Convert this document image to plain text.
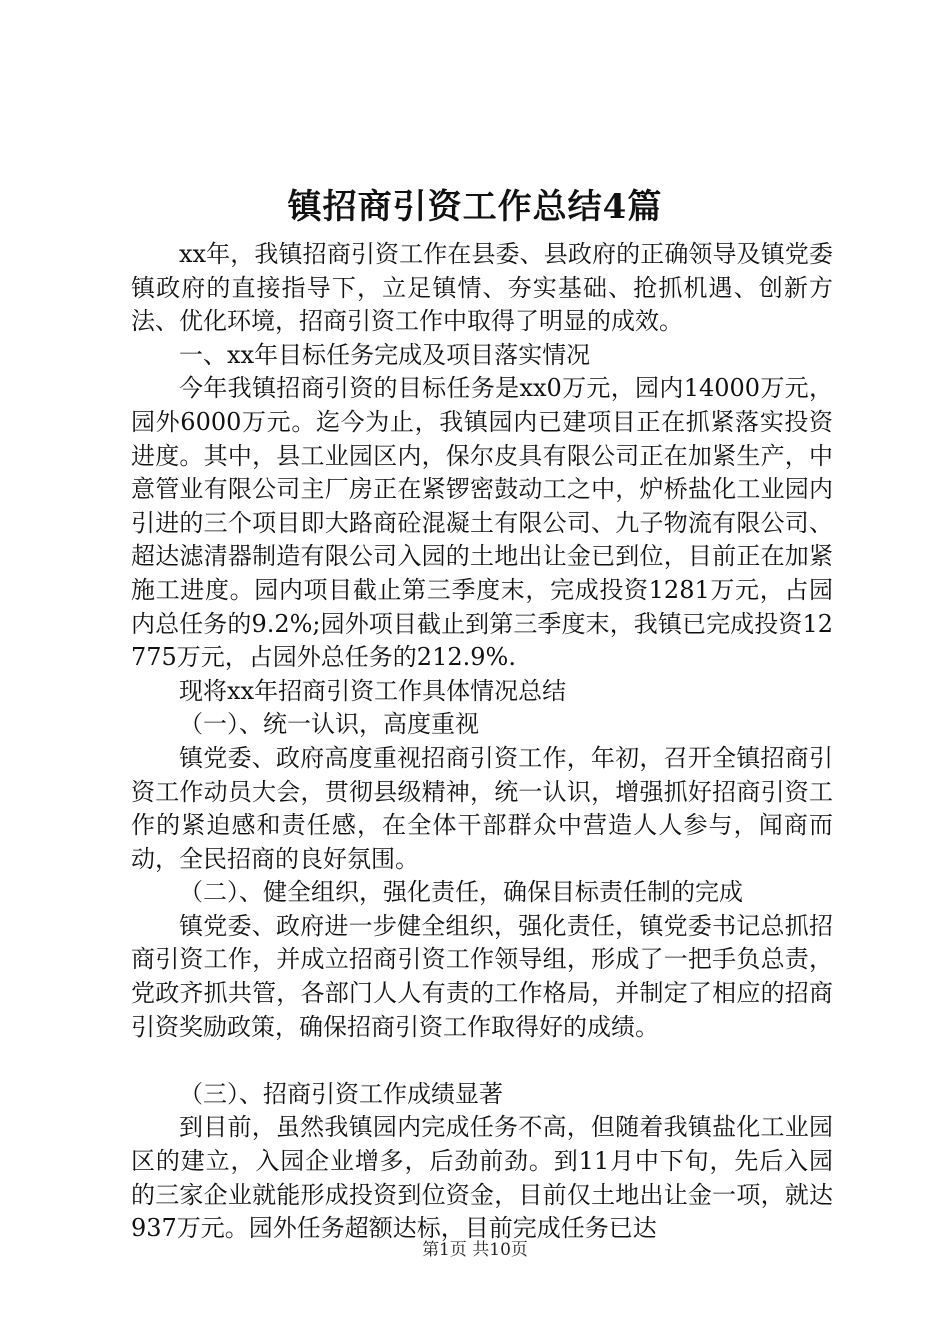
镇招商引资工作总结4篇

xx年，我镇招商引资工作在县委、县政府的正确领导及镇党委镇政府的直接指导下，立足镇情、夯实基础、抢抓机遇、创新方法、优化环境，招商引资工作中取得了明显的成效。

一、xx年目标任务完成及项目落实情况

今年我镇招商引资的目标任务是xx0万元，园内14000万元，园外6000万元。迄今为止，我镇园内已建项目正在抓紧落实投资进度。其中，县工业园区内，保尔皮具有限公司正在加紧生产，中意管业有限公司主厂房正在紧锣密鼓动工之中，炉桥盐化工业园内引进的三个项目即大路商砼混凝土有限公司、九子物流有限公司、超达滤清器制造有限公司入园的土地出让金已到位，目前正在加紧施工进度。园内项目截止第三季度末，完成投资1281万元，占园内总任务的9.2%;园外项目截止到第三季度末，我镇已完成投资12775万元，占园外总任务的212.9%.

现将xx年招商引资工作具体情况总结

（一）、统一认识，高度重视

镇党委、政府高度重视招商引资工作，年初，召开全镇招商引资工作动员大会，贯彻县级精神，统一认识，增强抓好招商引资工作的紧迫感和责任感，在全体干部群众中营造人人参与，闻商而动，全民招商的良好氛围。

（二）、健全组织，强化责任，确保目标责任制的完成

镇党委、政府进一步健全组织，强化责任，镇党委书记总抓招商引资工作，并成立招商引资工作领导组，形成了一把手负总责，党政齐抓共管，各部门人人有责的工作格局，并制定了相应的招商引资奖励政策，确保招商引资工作取得好的成绩。

（三）、招商引资工作成绩显著

到目前，虽然我镇园内完成任务不高，但随着我镇盐化工业园区的建立，入园企业增多，后劲前劲。到11月中下旬，先后入园的三家企业就能形成投资到位资金，目前仅土地出让金一项，就达937万元。园外任务超额达标，目前完成任务已达

第1页 共10页
